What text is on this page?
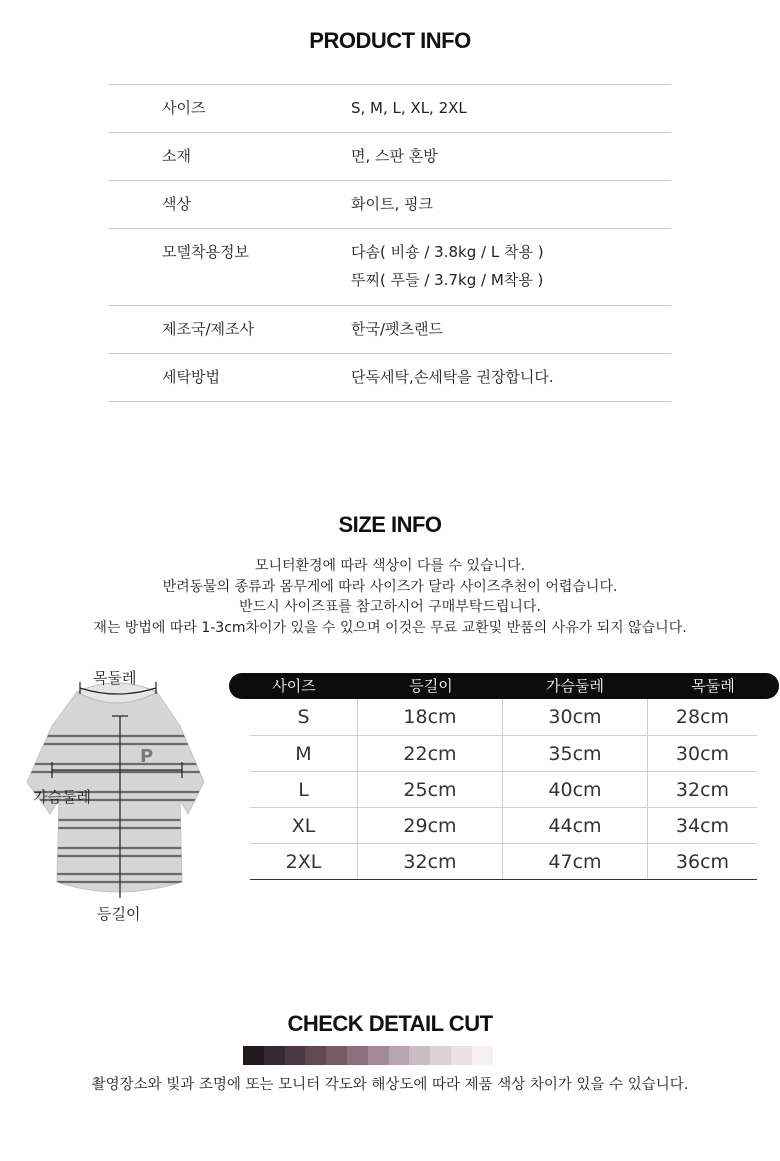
PRODUCT INFO
사이즈	S, M, L, XL, 2XL
소재	면, 스판 혼방
색상	화이트, 핑크
모델착용정보	다솜( 비숑 / 3.8kg / L 착용 )
뚜찌( 푸들 / 3.7kg / M착용 )
제조국/제조사	한국/펫츠랜드
세탁방법	단독세탁,손세탁을 권장합니다.
SIZE INFO
모니터환경에 따라 색상이 다를 수 있습니다.
반려동물의 종류과 몸무게에 따라 사이즈가 달라 사이즈추천이 어렵습니다.
반드시 사이즈표를 참고하시어 구매부탁드립니다.
재는 방법에 따라 1-3cm차이가 있을 수 있으며 이것은 무료 교환및 반품의 사유가 되지 않습니다.
P
목둘레
가슴둘레
등길이
사이즈	등길이	가슴둘레	목둘레
S	18cm	30cm	28cm
M	22cm	35cm	30cm
L	25cm	40cm	32cm
XL	29cm	44cm	34cm
2XL	32cm	47cm	36cm
CHECK DETAIL CUT
촬영장소와 빛과 조명에 또는 모니터 각도와 해상도에 따라 제품 색상 차이가 있을 수 있습니다.
